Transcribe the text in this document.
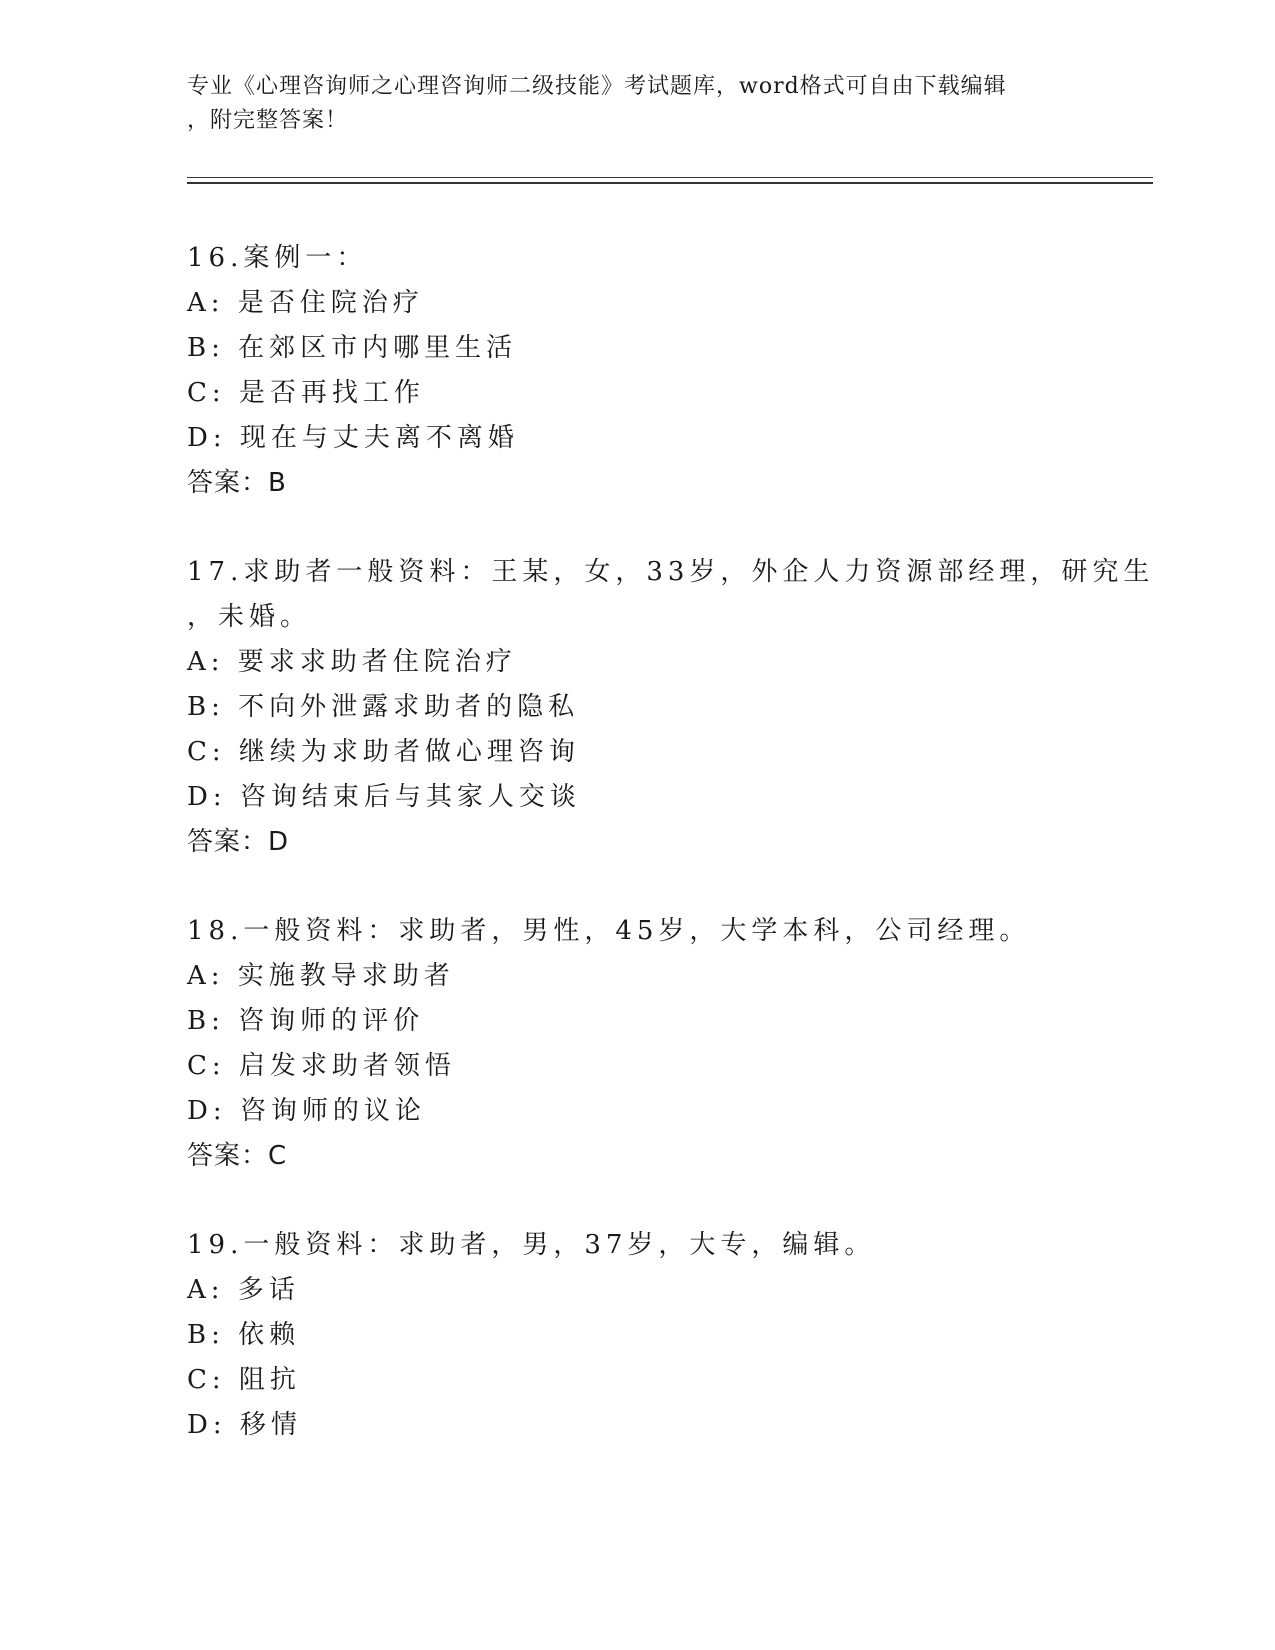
专业《心理咨询师之心理咨询师二级技能》考试题库，word格式可自由下载编辑
，附完整答案！
16.案例一：
A: 是否住院治疗
B: 在郊区市内哪里生活
C: 是否再找工作
D: 现在与丈夫离不离婚
答案：B
17.求助者一般资料：王某，女，33岁，外企人力资源部经理，研究生
，未婚。
A: 要求求助者住院治疗
B: 不向外泄露求助者的隐私
C: 继续为求助者做心理咨询
D: 咨询结束后与其家人交谈
答案：D
18.一般资料：求助者，男性，45岁，大学本科，公司经理。
A: 实施教导求助者
B: 咨询师的评价
C: 启发求助者领悟
D: 咨询师的议论
答案：C
19.一般资料：求助者，男，37岁，大专，编辑。
A: 多话
B: 依赖
C: 阻抗
D: 移情
